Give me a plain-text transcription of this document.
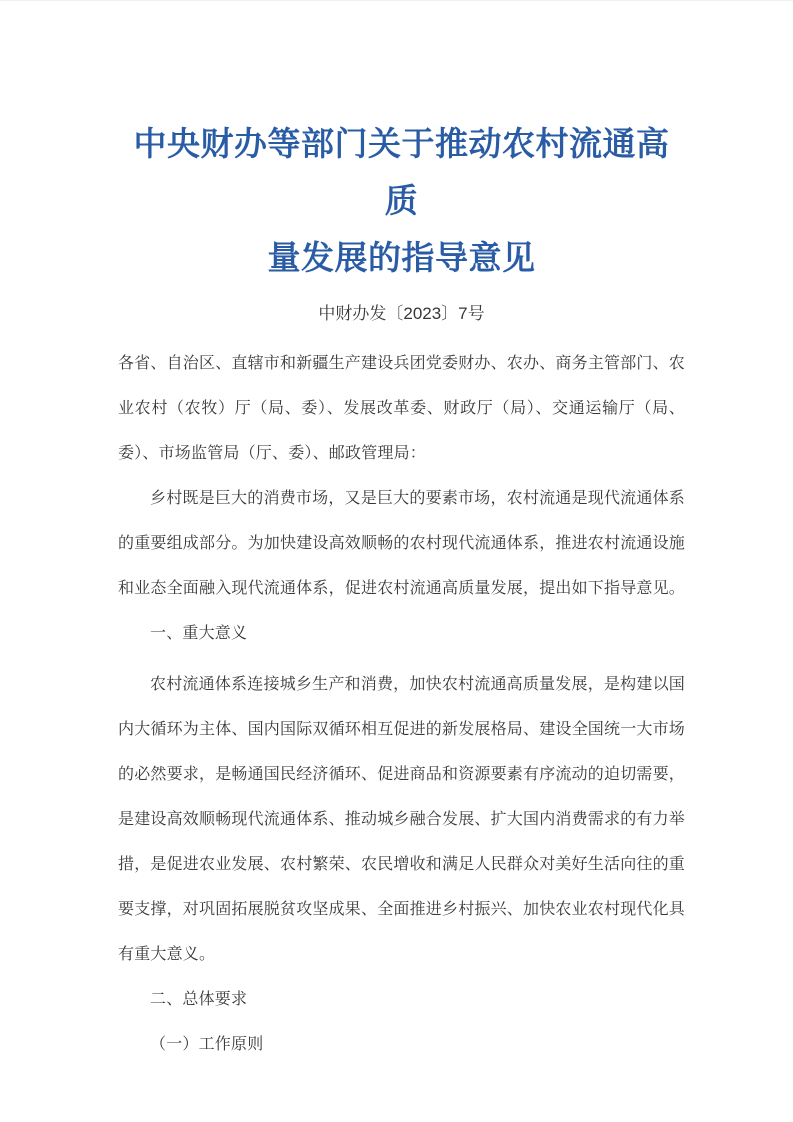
中央财办等部门关于推动农村流通高质
量发展的指导意见
中财办发〔2023〕7号

各省、自治区、直辖市和新疆生产建设兵团党委财办、农办、商务主管部门、农业农村（农牧）厅（局、委）、发展改革委、财政厅（局）、交通运输厅（局、委）、市场监管局（厅、委）、邮政管理局：

乡村既是巨大的消费市场，又是巨大的要素市场，农村流通是现代流通体系的重要组成部分。为加快建设高效顺畅的农村现代流通体系，推进农村流通设施和业态全面融入现代流通体系，促进农村流通高质量发展，提出如下指导意见。

一、重大意义

农村流通体系连接城乡生产和消费，加快农村流通高质量发展，是构建以国内大循环为主体、国内国际双循环相互促进的新发展格局、建设全国统一大市场的必然要求，是畅通国民经济循环、促进商品和资源要素有序流动的迫切需要，是建设高效顺畅现代流通体系、推动城乡融合发展、扩大国内消费需求的有力举措，是促进农业发展、农村繁荣、农民增收和满足人民群众对美好生活向往的重要支撑，对巩固拓展脱贫攻坚成果、全面推进乡村振兴、加快农业农村现代化具有重大意义。

二、总体要求

（一）工作原则
